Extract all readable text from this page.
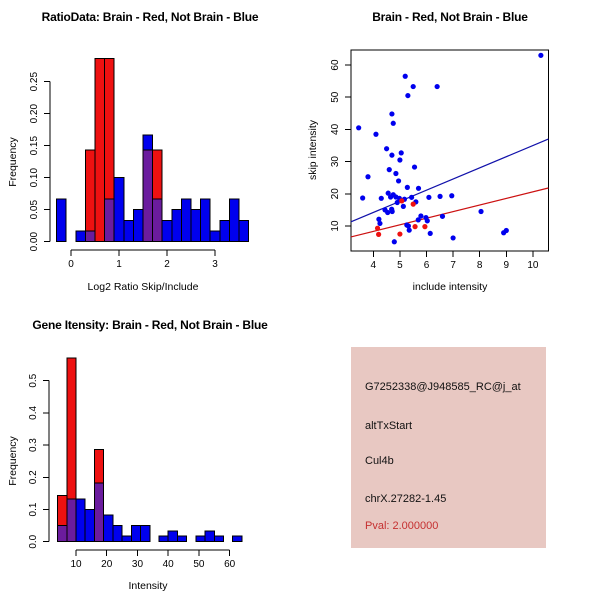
RatioData: Brain - Red, Not Brain - Blue
Log2 Ratio Skip/Include
Frequency
0	1	2	3
0.00
0.05
0.10
0.15
0.20
0.25
Brain - Red, Not Brain - Blue
include intensity
skip intensity
4 5 6 7 8 9 10
10
20
30
40
50
60
Gene Itensity: Brain - Red, Not Brain - Blue
Intensity
Frequency
10 20 30 40 50 60
0.0
0.1
0.2
0.3
0.4
0.5	G7252338@J948585_RC@j_at
altTxStart
Cul4b
chrX.27282-1.45
Pval: 2.000000
